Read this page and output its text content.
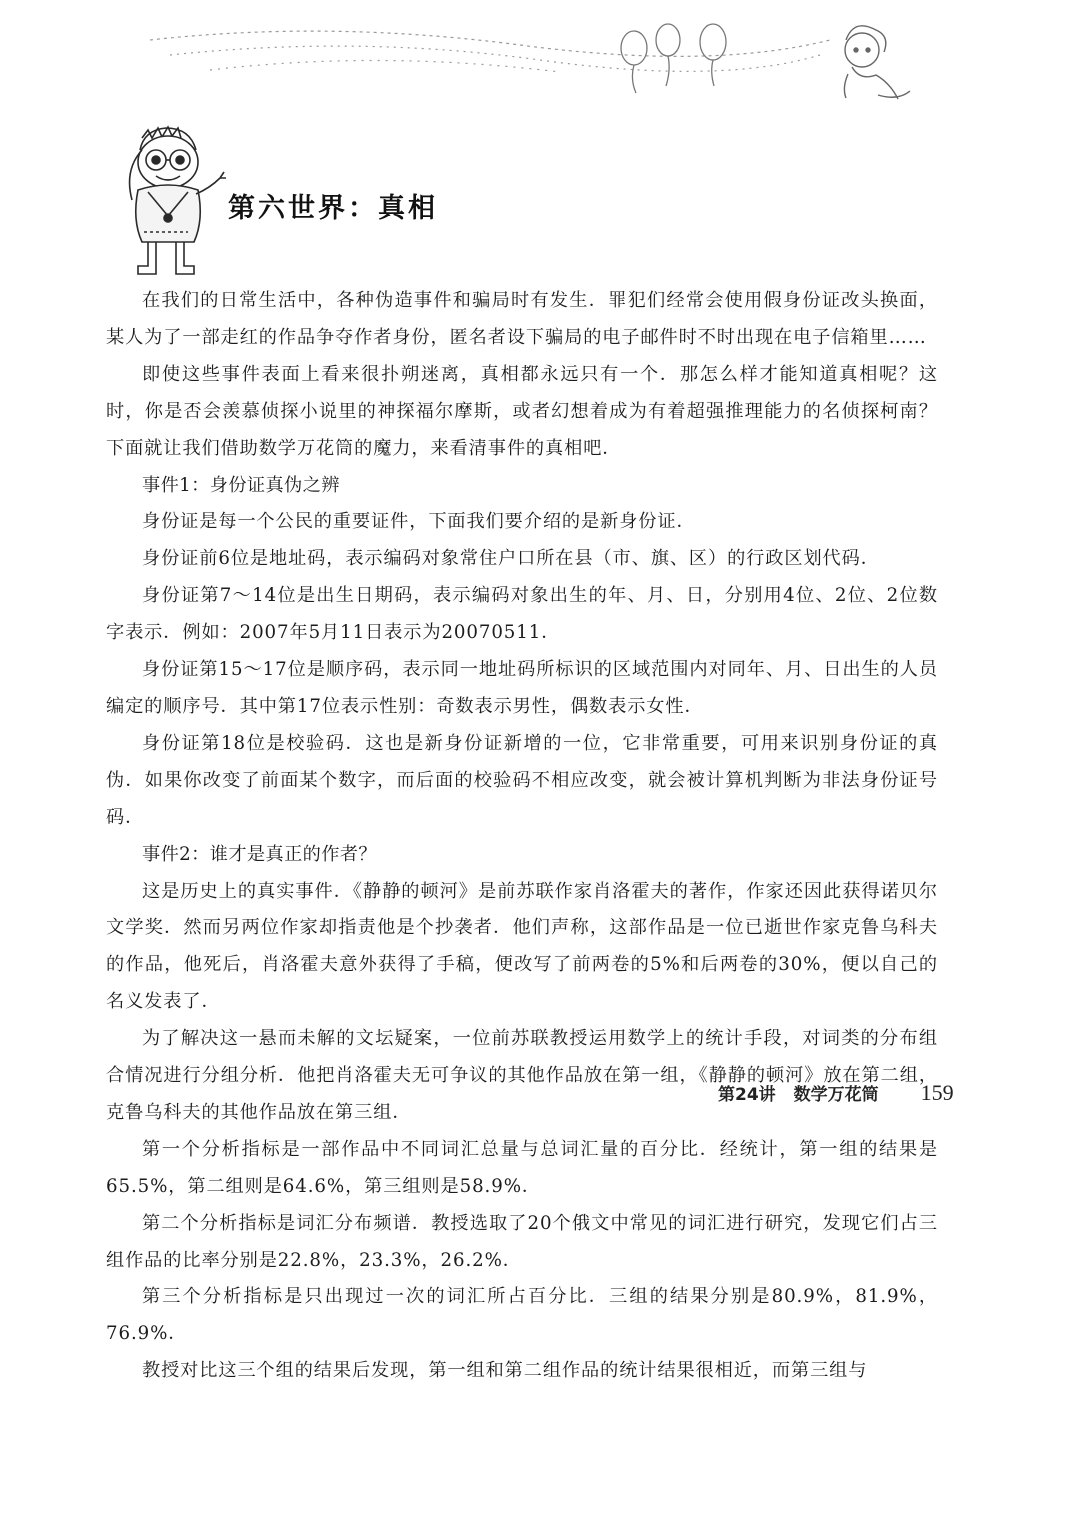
第六世界：真相

在我们的日常生活中，各种伪造事件和骗局时有发生．罪犯们经常会使用假身份证改头换面，某人为了一部走红的作品争夺作者身份，匿名者设下骗局的电子邮件时不时出现在电子信箱里……

即使这些事件表面上看来很扑朔迷离，真相都永远只有一个．那怎么样才能知道真相呢？这时，你是否会羡慕侦探小说里的神探福尔摩斯，或者幻想着成为有着超强推理能力的名侦探柯南？下面就让我们借助数学万花筒的魔力，来看清事件的真相吧．

事件1：身份证真伪之辨

身份证是每一个公民的重要证件，下面我们要介绍的是新身份证．

身份证前6位是地址码，表示编码对象常住户口所在县（市、旗、区）的行政区划代码．

身份证第7～14位是出生日期码，表示编码对象出生的年、月、日，分别用4位、2位、2位数字表示．例如：2007年5月11日表示为20070511．

身份证第15～17位是顺序码，表示同一地址码所标识的区域范围内对同年、月、日出生的人员编定的顺序号．其中第17位表示性别：奇数表示男性，偶数表示女性．

身份证第18位是校验码．这也是新身份证新增的一位，它非常重要，可用来识别身份证的真伪．如果你改变了前面某个数字，而后面的校验码不相应改变，就会被计算机判断为非法身份证号码．

事件2：谁才是真正的作者？

这是历史上的真实事件．《静静的顿河》是前苏联作家肖洛霍夫的著作，作家还因此获得诺贝尔文学奖．然而另两位作家却指责他是个抄袭者．他们声称，这部作品是一位已逝世作家克鲁乌科夫的作品，他死后，肖洛霍夫意外获得了手稿，便改写了前两卷的5%和后两卷的30%，便以自己的名义发表了．

为了解决这一悬而未解的文坛疑案，一位前苏联教授运用数学上的统计手段，对词类的分布组合情况进行分组分析．他把肖洛霍夫无可争议的其他作品放在第一组，《静静的顿河》放在第二组，克鲁乌科夫的其他作品放在第三组．

第一个分析指标是一部作品中不同词汇总量与总词汇量的百分比．经统计，第一组的结果是65.5%，第二组则是64.6%，第三组则是58.9%．

第二个分析指标是词汇分布频谱．教授选取了20个俄文中常见的词汇进行研究，发现它们占三组作品的比率分别是22.8%，23.3%，26.2%．

第三个分析指标是只出现过一次的词汇所占百分比．三组的结果分别是80.9%，81.9%，76.9%．

教授对比这三个组的结果后发现，第一组和第二组作品的统计结果很相近，而第三组与

第24讲 数学万花筒 159
